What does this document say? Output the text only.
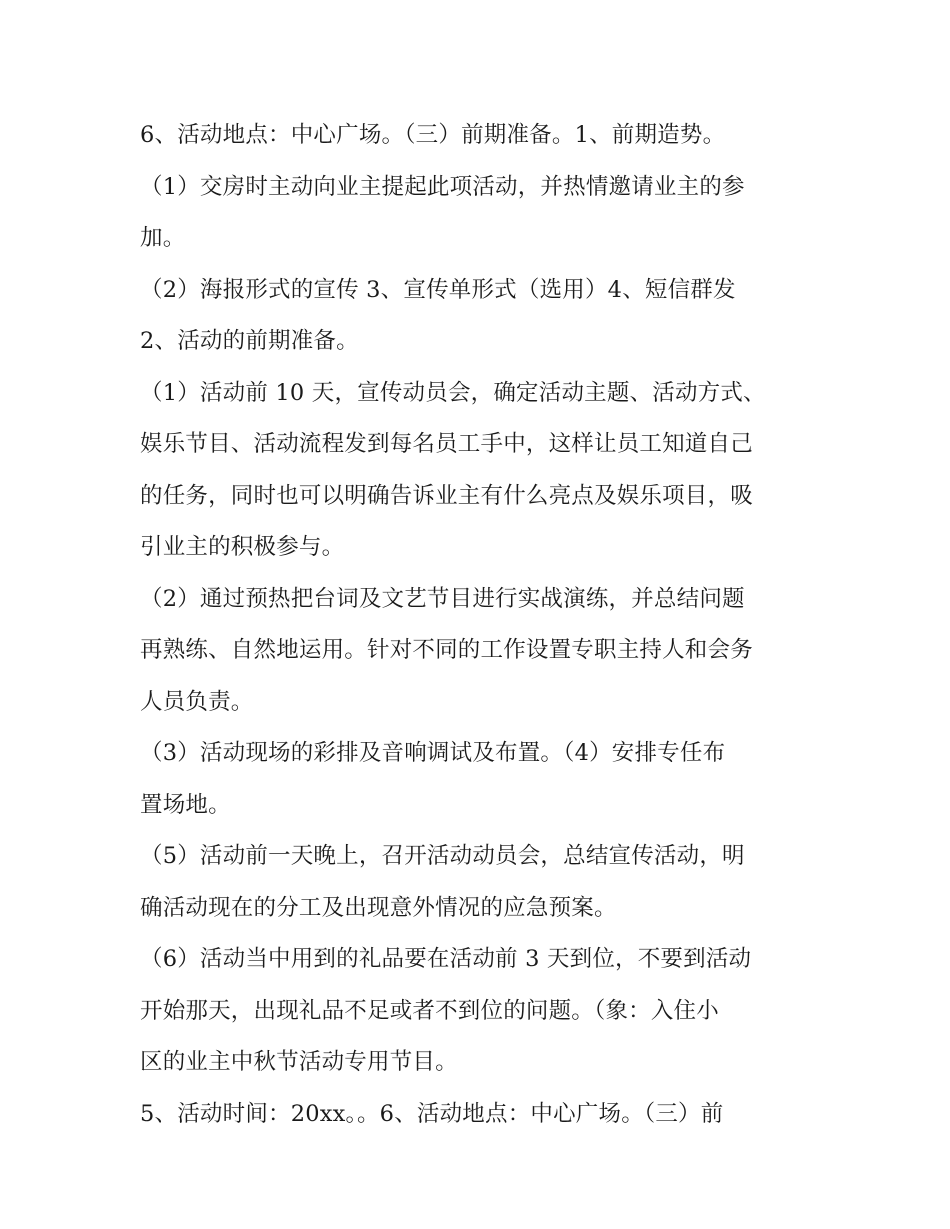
6、活动地点：中心广场。（三）前期准备。1、前期造势。
（1）交房时主动向业主提起此项活动，并热情邀请业主的参
加。
（2）海报形式的宣传 3、宣传单形式（选用）4、短信群发
2、活动的前期准备。
（1）活动前 10 天，宣传动员会，确定活动主题、活动方式、
娱乐节目、活动流程发到每名员工手中，这样让员工知道自己
的任务，同时也可以明确告诉业主有什么亮点及娱乐项目，吸
引业主的积极参与。
（2）通过预热把台词及文艺节目进行实战演练，并总结问题
再熟练、自然地运用。针对不同的工作设置专职主持人和会务
人员负责。
（3）活动现场的彩排及音响调试及布置。（4）安排专任布
置场地。
（5）活动前一天晚上，召开活动动员会，总结宣传活动，明
确活动现在的分工及出现意外情况的应急预案。
（6）活动当中用到的礼品要在活动前 3 天到位，不要到活动
开始那天，出现礼品不足或者不到位的问题。（象：入住小
区的业主中秋节活动专用节目。
5、活动时间：20xx。。6、活动地点：中心广场。（三）前
